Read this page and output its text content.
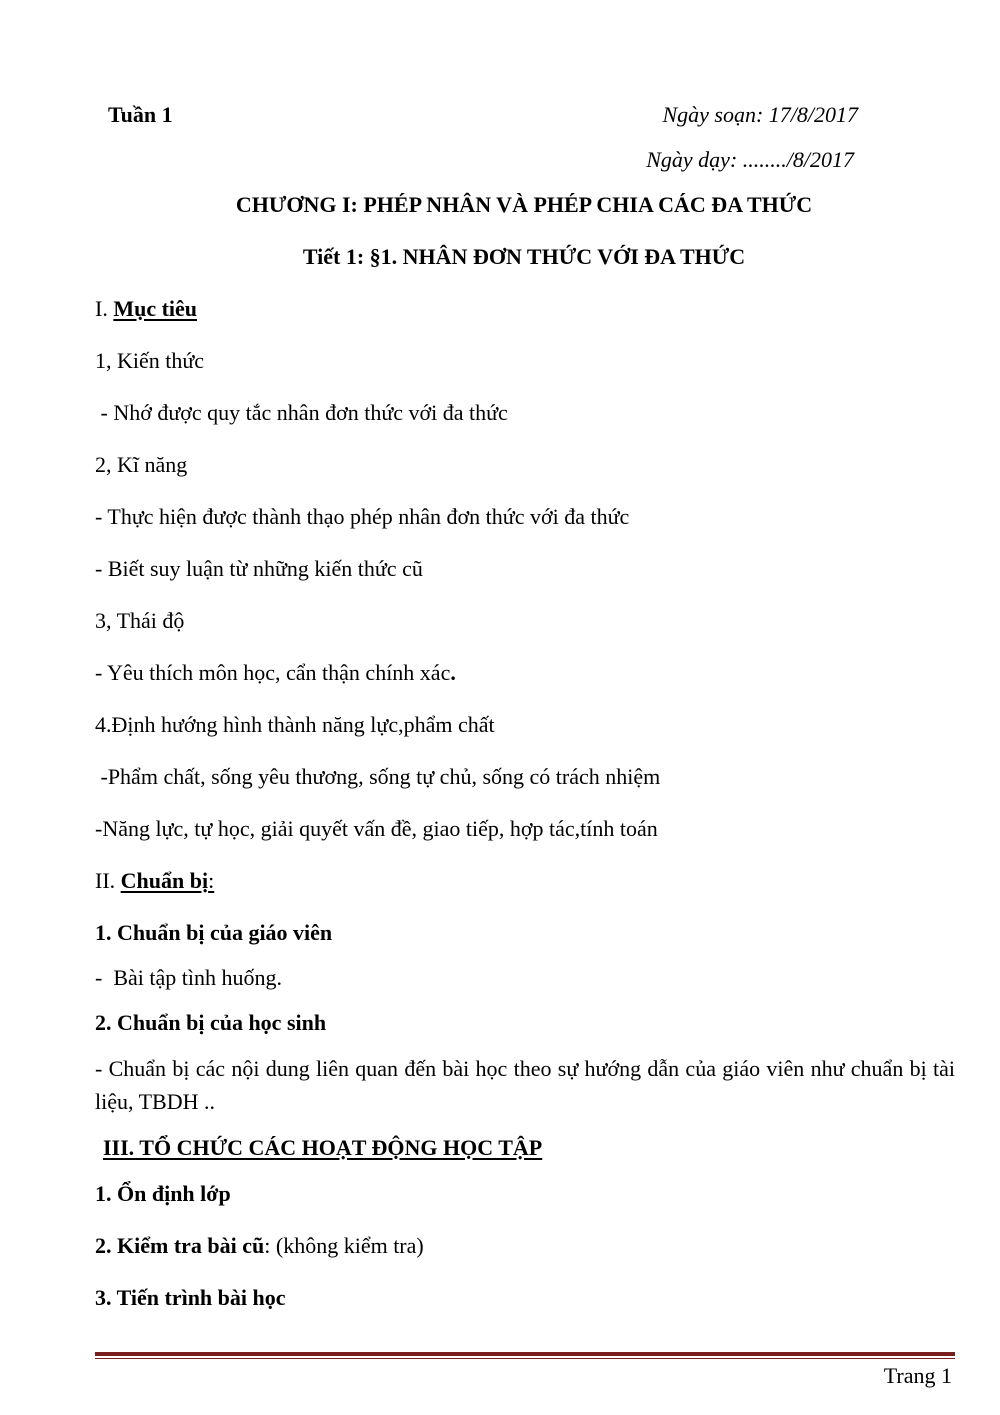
Tuần 1	Ngày soạn: 17/8/2017
Ngày dạy: ......../8/2017
CHƯƠNG I: PHÉP NHÂN VÀ PHÉP CHIA CÁC ĐA THỨC
Tiết 1: §1. NHÂN ĐƠN THỨC VỚI ĐA THỨC
I. Mục tiêu
1, Kiến thức
- Nhớ được quy tắc nhân đơn thức với đa thức
2, Kĩ năng
- Thực hiện được thành thạo phép nhân đơn thức với đa thức
- Biết suy luận từ những kiến thức cũ
3, Thái độ
- Yêu thích môn học, cẩn thận chính xác.
4.Định hướng hình thành năng lực,phẩm chất
-Phẩm chất, sống yêu thương, sống tự chủ, sống có trách nhiệm
-Năng lực, tự học, giải quyết vấn đề, giao tiếp, hợp tác,tính toán
II. Chuẩn bị:
1. Chuẩn bị của giáo viên
-  Bài tập tình huống.
2. Chuẩn bị của học sinh
- Chuẩn bị các nội dung liên quan đến bài học theo sự hướng dẫn của giáo viên như chuẩn bị tài liệu, TBDH ..
III. TỔ CHỨC CÁC HOẠT ĐỘNG HỌC TẬP
1. Ổn định lớp
2. Kiểm tra bài cũ: (không kiểm tra)
3. Tiến trình bài học
Trang 1
